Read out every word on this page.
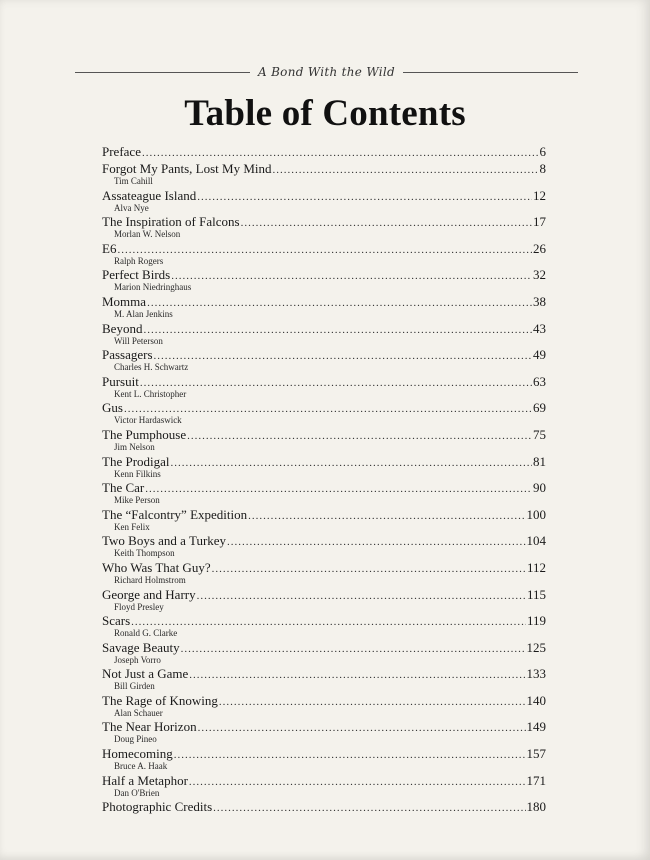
A Bond With the Wild
Table of Contents
Preface .....	6
Forgot My Pants, Lost My Mind .....	8
Tim Cahill
Assateague Island .....	12
Alva Nye
The Inspiration of Falcons .....	17
Morlan W. Nelson
E6 .....	26
Ralph Rogers
Perfect Birds .....	32
Marion Niedringhaus
Momma .....	38
M. Alan Jenkins
Beyond .....	43
Will Peterson
Passagers .....	49
Charles H. Schwartz
Pursuit .....	63
Kent L. Christopher
Gus .....	69
Victor Hardaswick
The Pumphouse .....	75
Jim Nelson
The Prodigal .....	81
Kenn Filkins
The Car .....	90
Mike Person
The “Falcontry” Expedition .....	100
Ken Felix
Two Boys and a Turkey .....	104
Keith Thompson
Who Was That Guy? .....	112
Richard Holmstrom
George and Harry .....	115
Floyd Presley
Scars .....	119
Ronald G. Clarke
Savage Beauty .....	125
Joseph Vorro
Not Just a Game .....	133
Bill Girden
The Rage of Knowing .....	140
Alan Schauer
The Near Horizon .....	149
Doug Pineo
Homecoming .....	157
Bruce A. Haak
Half a Metaphor .....	171
Dan O'Brien
Photographic Credits .....	180
